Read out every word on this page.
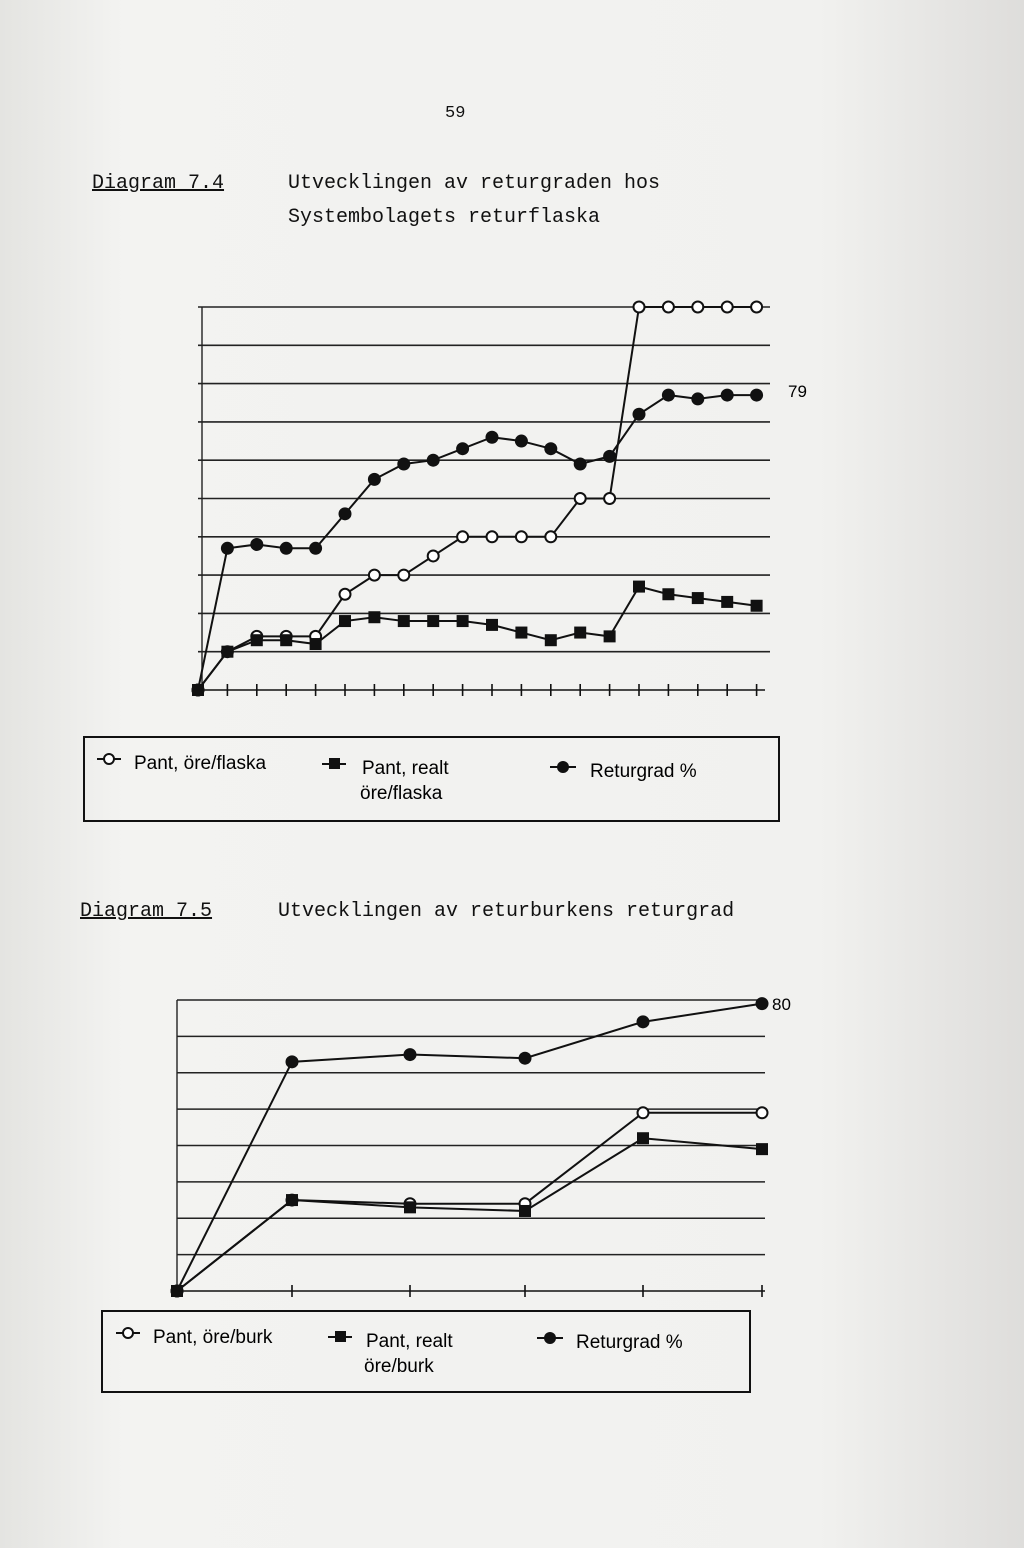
59
Diagram 7.4	Utvecklingen av returgraden hos
Systembolagets returflaska
79
Pant, öre/flaska	Pant, realt
öre/flaska
Returgrad %
Diagram 7.5	Utvecklingen av returburkens returgrad
80
Pant, öre/burk	Pant, realt
öre/burk
Returgrad %
